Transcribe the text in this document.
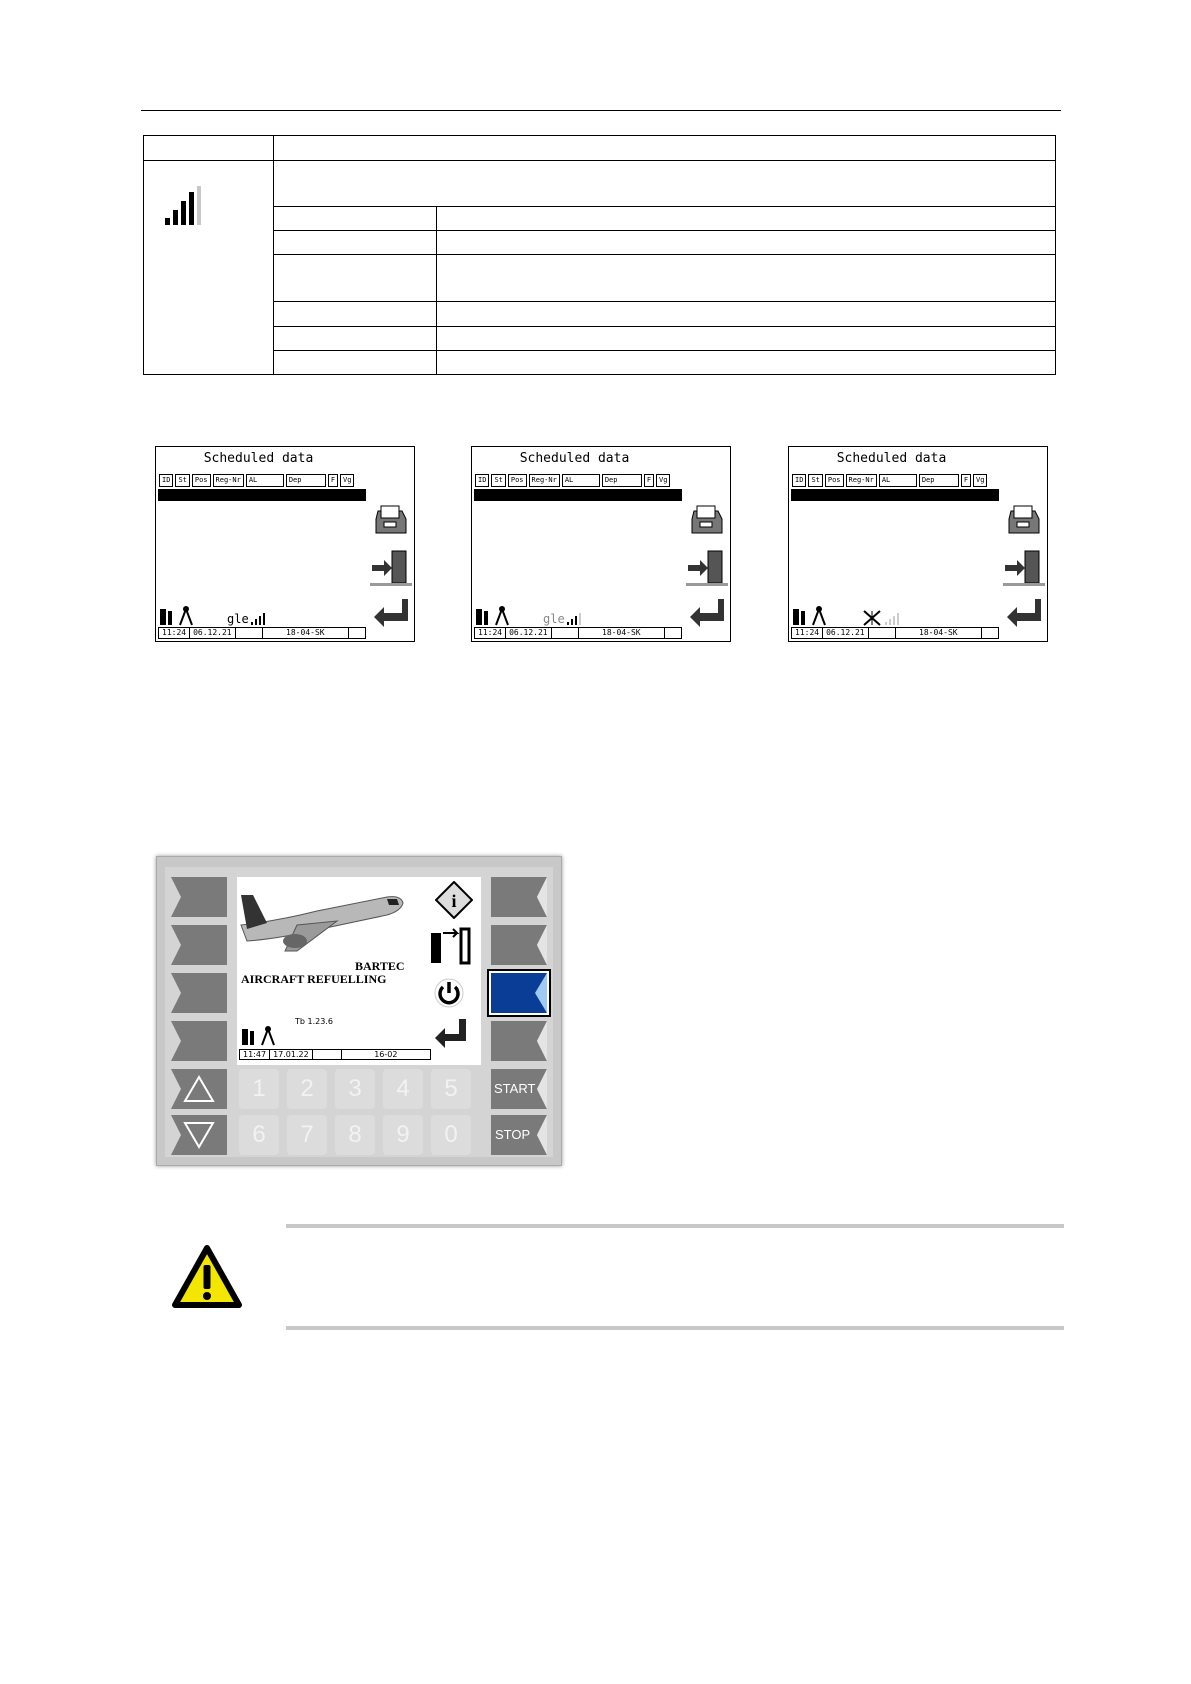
Scheduled data
ID	St	Pos	Reg-Nr	AL	Dep	F	Vg
gle
11:24 06.12.21	18-04-SK
Scheduled data
ID	St	Pos	Reg-Nr	AL	Dep	F	Vg
gle
11:24 06.12.21	18-04-SK
Scheduled data
ID	St	Pos	Reg-Nr	AL	Dep	F	Vg
11:24 06.12.21	18-04-SK
BARTEC
AIRCRAFT REFUELLING
Tb 1.23.6
11:47 17.01.22	16-02
i
1	2	3	4	5
6	7	8	9	0
START
STOP
